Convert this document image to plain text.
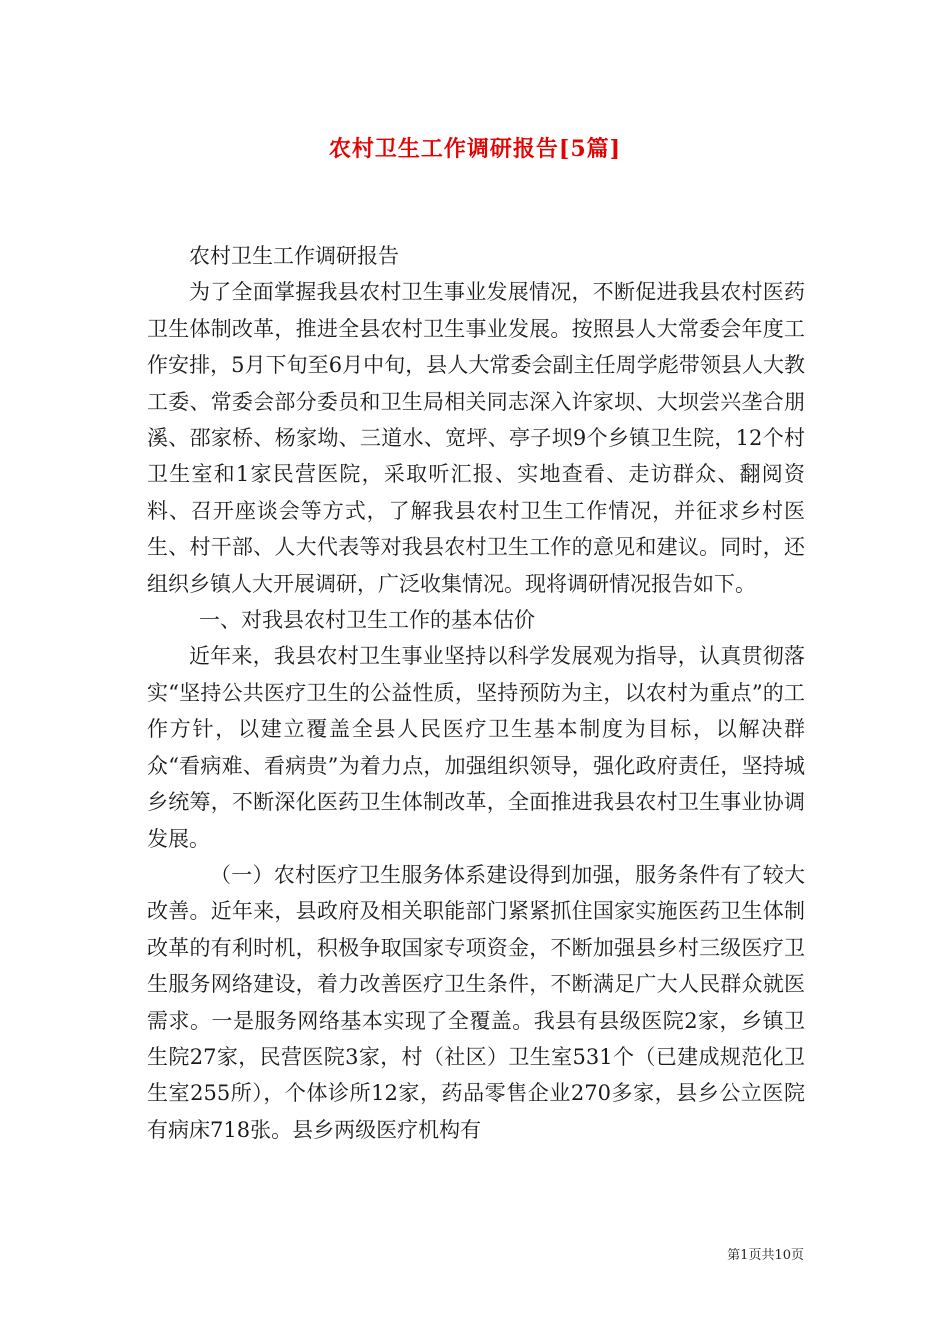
农村卫生工作调研报告[5篇]

农村卫生工作调研报告

为了全面掌握我县农村卫生事业发展情况，不断促进我县农村医药卫生体制改革，推进全县农村卫生事业发展。按照县人大常委会年度工作安排，5月下旬至6月中旬，县人大常委会副主任周学彪带领县人大教工委、常委会部分委员和卫生局相关同志深入许家坝、大坝尝兴垄合朋溪、邵家桥、杨家坳、三道水、宽坪、亭子坝9个乡镇卫生院，12个村卫生室和1家民营医院，采取听汇报、实地查看、走访群众、翻阅资料、召开座谈会等方式，了解我县农村卫生工作情况，并征求乡村医生、村干部、人大代表等对我县农村卫生工作的意见和建议。同时，还组织乡镇人大开展调研，广泛收集情况。现将调研情况报告如下。

一、对我县农村卫生工作的基本估价

近年来，我县农村卫生事业坚持以科学发展观为指导，认真贯彻落实“坚持公共医疗卫生的公益性质，坚持预防为主，以农村为重点”的工作方针，以建立覆盖全县人民医疗卫生基本制度为目标，以解决群众“看病难、看病贵”为着力点，加强组织领导，强化政府责任，坚持城乡统筹，不断深化医药卫生体制改革，全面推进我县农村卫生事业协调发展。

（一）农村医疗卫生服务体系建设得到加强，服务条件有了较大改善。近年来，县政府及相关职能部门紧紧抓住国家实施医药卫生体制改革的有利时机，积极争取国家专项资金，不断加强县乡村三级医疗卫生服务网络建设，着力改善医疗卫生条件，不断满足广大人民群众就医需求。一是服务网络基本实现了全覆盖。我县有县级医院2家，乡镇卫生院27家，民营医院3家，村（社区）卫生室531个（已建成规范化卫生室255所），个体诊所12家，药品零售企业270多家，县乡公立医院有病床718张。县乡两级医疗机构有

第1页共10页
